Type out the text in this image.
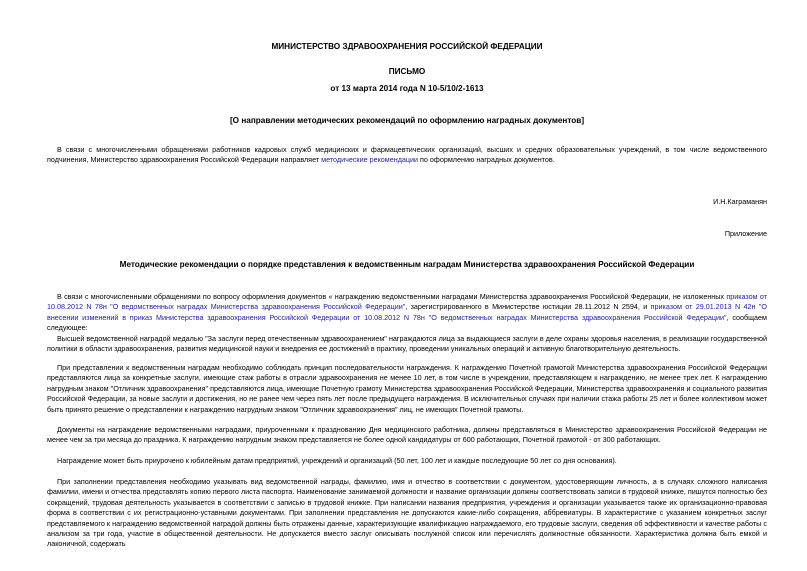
МИНИСТЕРСТВО ЗДРАВООХРАНЕНИЯ РОССИЙСКОЙ ФЕДЕРАЦИИ
ПИСЬМО
от 13 марта 2014 года N 10-5/10/2-1613
[О направлении методических рекомендаций по оформлению наградных документов]
В связи с многочисленными обращениями работников кадровых служб медицинских и фармацевтических организаций, высших и средних образовательных учреждений, в том числе ведомственного подчинения, Министерство здравоохранения Российской Федерации направляет методические рекомендации по оформлению наградных документов.
И.Н.Каграманян
Приложение
Методические рекомендации о порядке представления к ведомственным наградам Министерства здравоохранения Российской Федерации
В связи с многочисленными обращениями по вопросу оформления документов « награждению ведомственными наградами Министерства здравоохранения Российской Федерации, не изложенных приказом от 10.08.2012 N 78н "О ведомственных наградах Министерства здравоохранения Российской Федерации", зарегистрированного в Министерстве юстиции 28.11.2012 N 2594, и приказом от 29.01.2013 N 42н "О внесении изменений в приказ Министерства здравоохранения Российской Федерации от 10.08.2012 N 78н "О ведомственных наградах Министерства здравоохранения Российской Федерации", сообщаем следующее:
Высшей ведомственной наградой медалью "За заслуги перед отечественным здравоохранением" награждаются лица за выдающиеся заслуги в деле охраны здоровья населения, в реализации государственной политики в области здравоохранения, развития медицинской науки и внедрения ее достижений в практику, проведении уникальных операций и активную благотворительную деятельность.
При представлении к ведомственным наградам необходимо соблюдать принцип последовательности награждения. К награждению Почетной грамотой Министерства здравоохранения Российской Федерации представляются лица за конкретные заслуги, имеющие стаж работы в отрасли здравоохранения не менее 10 лет, в том числе в учреждении, представляющем к награждению, не менее трех лет. К награждению нагрудным знаком "Отличник здравоохранения" представляются лица, имеющие Почетную грамоту Министерства здравоохранения Российской Федерации, Министерства здравоохранения и социального развития Российской Федерации, за новые заслуги и достижения, но не ранее чем через пять лет после предыдущего награждения. В исключительных случаях при наличии стажа работы 25 лет и более коллективом может быть принято решение о представлении к награждению нагрудным знаком "Отличник здравоохранения" лиц, не имеющих Почетной грамоты.
Документы на награждение ведомственными наградами, приуроченными к празднованию Дня медицинского работника, должны представляться в Министерство здравоохранения Российской Федерации не менее чем за три месяца до праздника. К награждению нагрудным знаком представляется не более одной кандидатуры от 600 работающих, Почетной грамотой - от 300 работающих.
Награждение может быть приурочено к юбилейным датам предприятий, учреждений и организаций (50 лет, 100 лет и каждые последующие 50 лет со дня основания).
При заполнении представления необходимо указывать вид ведомственной награды, фамилию, имя и отчество в соответствии с документом, удостоверяющим личность, а в случаях сложного написания фамилии, имени и отчества представлять копию первого листа паспорта. Наименование занимаемой должности и название организации должны соответствовать записи в трудовой книжке, пишутся полностью без сокращений, трудовая деятельность указывается в соответствии с записью в трудовой книжке. При написании названия предприятия, учреждения и организации указывается также их организационно-правовая форма в соответствии с их регистрационно-уставными документами. При заполнении представления не допускаются какие-либо сокращения, аббревиатуры. В характеристике с указанием конкретных заслуг представляемого к награждению ведомственной наградой должны быть отражены данные, характеризующие квалификацию награждаемого, его трудовые заслуги, сведения об эффективности и качестве работы с анализом за три года, участие в общественной деятельности. Не допускается вместо заслуг описывать послужной список или перечислять должностные обязанности. Характеристика должна быть емкой и лаконичной, содержать
